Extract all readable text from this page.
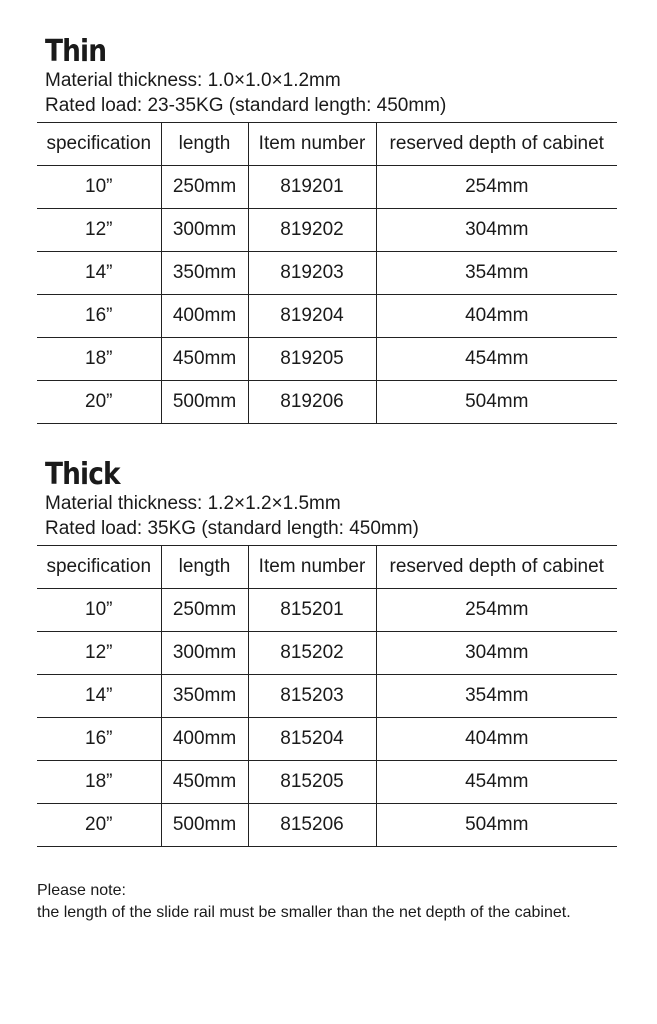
Thin
Material thickness: 1.0×1.0×1.2mm
Rated load: 23-35KG (standard length: 450mm)
specification	length	Item number	reserved depth of cabinet
10”	250mm	819201	254mm
12”	300mm	819202	304mm
14”	350mm	819203	354mm
16”	400mm	819204	404mm
18”	450mm	819205	454mm
20”	500mm	819206	504mm
Thick
Material thickness: 1.2×1.2×1.5mm
Rated load: 35KG (standard length: 450mm)
specification	length	Item number	reserved depth of cabinet
10”	250mm	815201	254mm
12”	300mm	815202	304mm
14”	350mm	815203	354mm
16”	400mm	815204	404mm
18”	450mm	815205	454mm
20”	500mm	815206	504mm
Please note:
the length of the slide rail must be smaller than the net depth of the cabinet.
